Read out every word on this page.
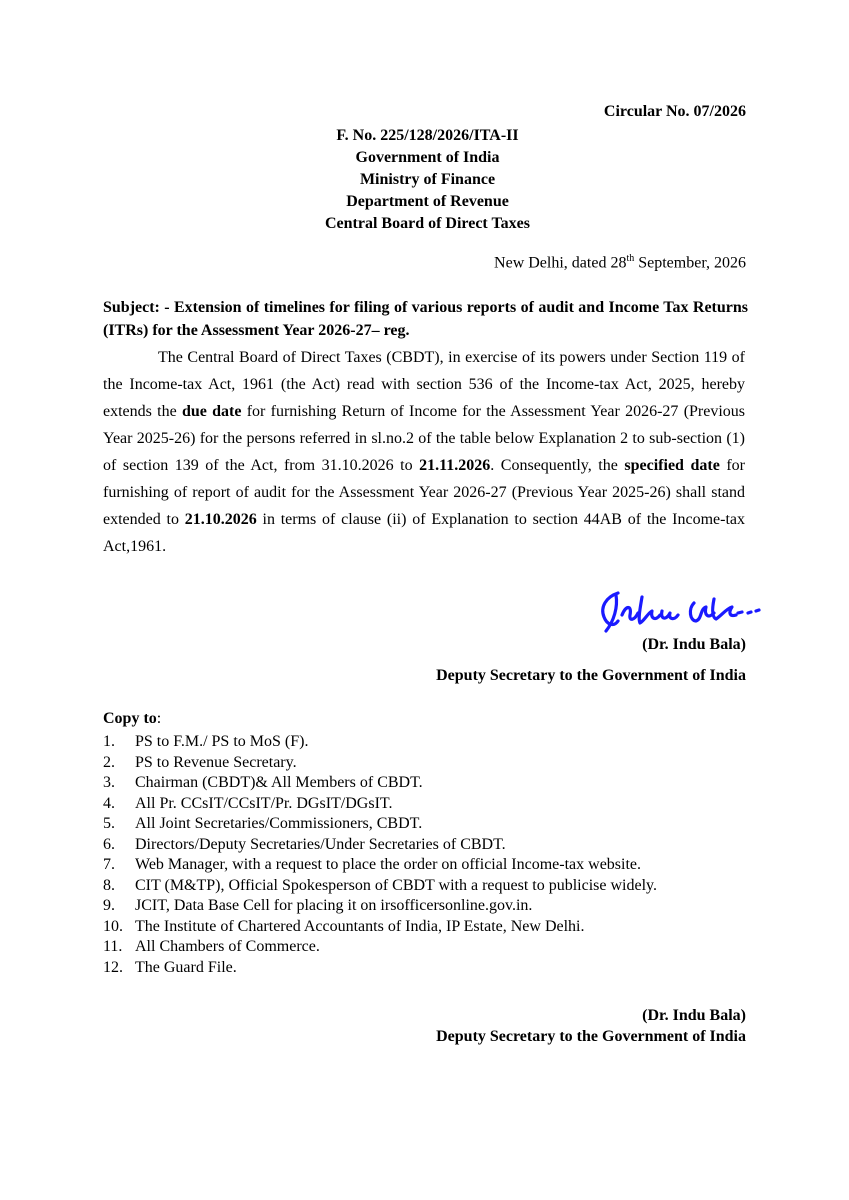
Circular No. 07/2026
F. No. 225/128/2026/ITA-II
Government of India
Ministry of Finance
Department of Revenue
Central Board of Direct Taxes
New Delhi, dated 28th September, 2026
Subject: - Extension of timelines for filing of various reports of audit and Income Tax Returns (ITRs) for the Assessment Year 2026-27– reg.
The Central Board of Direct Taxes (CBDT), in exercise of its powers under Section 119 of the Income-tax Act, 1961 (the Act) read with section 536 of the Income-tax Act, 2025, hereby extends the due date for furnishing Return of Income for the Assessment Year 2026-27 (Previous Year 2025-26) for the persons referred in sl.no.2 of the table below Explanation 2 to sub-section (1) of section 139 of the Act, from 31.10.2026 to 21.11.2026. Consequently, the specified date for furnishing of report of audit for the Assessment Year 2026-27 (Previous Year 2025-26) shall stand extended to 21.10.2026 in terms of clause (ii) of Explanation to section 44AB of the Income-tax Act,1961.
(Dr. Indu Bala)
Deputy Secretary to the Government of India
Copy to:
1.	PS to F.M./ PS to MoS (F).
2.	PS to Revenue Secretary.
3.	Chairman (CBDT)& All Members of CBDT.
4.	All Pr. CCsIT/CCsIT/Pr. DGsIT/DGsIT.
5.	All Joint Secretaries/Commissioners, CBDT.
6.	Directors/Deputy Secretaries/Under Secretaries of CBDT.
7.	Web Manager, with a request to place the order on official Income-tax website.
8.	CIT (M&TP), Official Spokesperson of CBDT with a request to publicise widely.
9.	JCIT, Data Base Cell for placing it on irsofficersonline.gov.in.
10. The Institute of Chartered Accountants of India, IP Estate, New Delhi.
11. All Chambers of Commerce.
12. The Guard File.
(Dr. Indu Bala)
Deputy Secretary to the Government of India
